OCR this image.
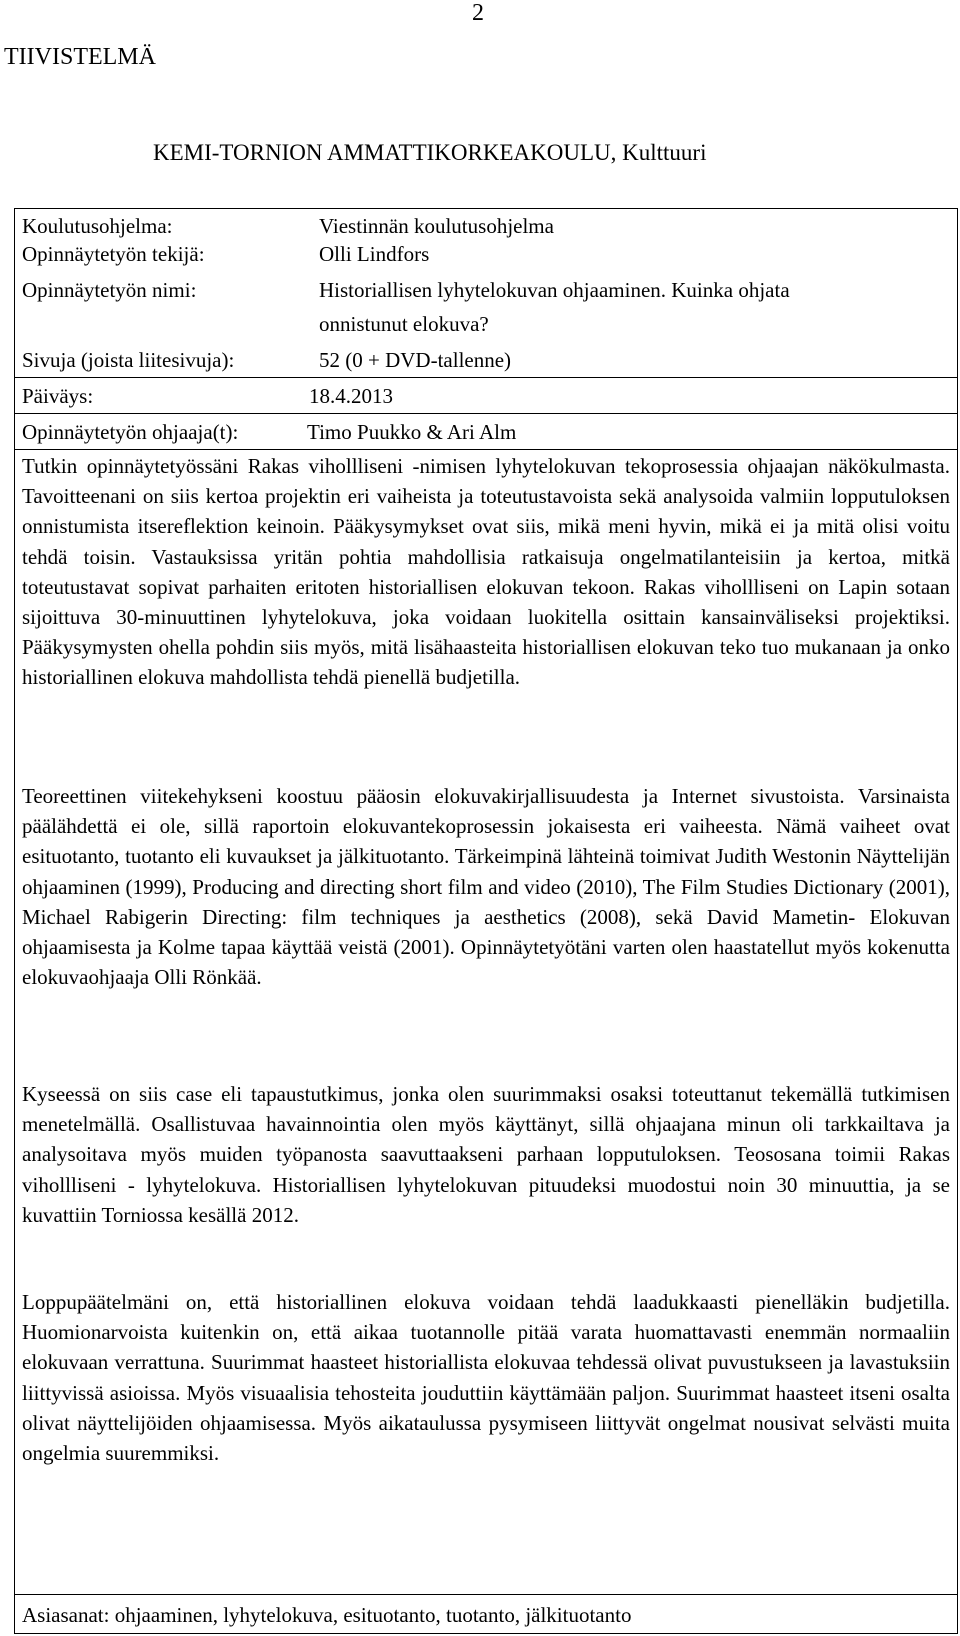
2
TIIVISTELMÄ
KEMI-TORNION AMMATTIKORKEAKOULU, Kulttuuri
Koulutusohjelma:	Viestinnän koulutusohjelma
Opinnäytetyön tekijä:	Olli Lindfors
Opinnäytetyön nimi:	Historiallisen lyhytelokuvan ohjaaminen. Kuinka ohjata
onnistunut elokuva?
Sivuja (joista liitesivuja):	52 (0 + DVD-tallenne)
Päiväys:	18.4.2013
Opinnäytetyön ohjaaja(t):	Timo Puukko & Ari Alm

Tutkin opinnäytetyössäni Rakas vihollliseni -nimisen lyhytelokuvan tekoprosessia ohjaajan näkökulmasta. Tavoitteenani on siis kertoa projektin eri vaiheista ja toteutustavoista sekä analysoida valmiin lopputuloksen onnistumista itsereflektion keinoin. Pääkysymykset ovat siis, mikä meni hyvin, mikä ei ja mitä olisi voitu tehdä toisin. Vastauksissa yritän pohtia mahdollisia ratkaisuja ongelmatilanteisiin ja kertoa, mitkä toteutustavat sopivat parhaiten eritoten historiallisen elokuvan tekoon. Rakas vihollliseni on Lapin sotaan sijoittuva 30-minuuttinen lyhytelokuva, joka voidaan luokitella osittain kansainväliseksi projektiksi. Pääkysymysten ohella pohdin siis myös, mitä lisähaasteita historiallisen elokuvan teko tuo mukanaan ja onko historiallinen elokuva mahdollista tehdä pienellä budjetilla.

Teoreettinen viitekehykseni koostuu pääosin elokuvakirjallisuudesta ja Internet sivustoista. Varsinaista päälähdettä ei ole, sillä raportoin elokuvantekoprosessin jokaisesta eri vaiheesta. Nämä vaiheet ovat esituotanto, tuotanto eli kuvaukset ja jälkituotanto. Tärkeimpinä lähteinä toimivat Judith Westonin Näyttelijän ohjaaminen (1999), Producing and directing short film and video (2010), The Film Studies Dictionary (2001), Michael Rabigerin Directing: film techniques ja aesthetics (2008), sekä David Mametin- Elokuvan ohjaamisesta ja Kolme tapaa käyttää veistä (2001). Opinnäytetyötäni varten olen haastatellut myös kokenutta elokuvaohjaaja Olli Rönkää.

Kyseessä on siis case eli tapaustutkimus, jonka olen suurimmaksi osaksi toteuttanut tekemällä tutkimisen menetelmällä. Osallistuvaa havainnointia olen myös käyttänyt, sillä ohjaajana minun oli tarkkailtava ja analysoitava myös muiden työpanosta saavuttaakseni parhaan lopputuloksen. Teososana toimii Rakas vihollliseni - lyhytelokuva. Historiallisen lyhytelokuvan pituudeksi muodostui noin 30 minuuttia, ja se kuvattiin Torniossa kesällä 2012.

Loppupäätelmäni on, että historiallinen elokuva voidaan tehdä laadukkaasti pienelläkin budjetilla. Huomionarvoista kuitenkin on, että aikaa tuotannolle pitää varata huomattavasti enemmän normaaliin elokuvaan verrattuna. Suurimmat haasteet historiallista elokuvaa tehdessä olivat puvustukseen ja lavastuksiin liittyvissä asioissa. Myös visuaalisia tehosteita jouduttiin käyttämään paljon. Suurimmat haasteet itseni osalta olivat näyttelijöiden ohjaamisessa. Myös aikataulussa pysymiseen liittyvät ongelmat nousivat selvästi muita ongelmia suuremmiksi.

Asiasanat: ohjaaminen, lyhytelokuva, esituotanto, tuotanto, jälkituotanto
